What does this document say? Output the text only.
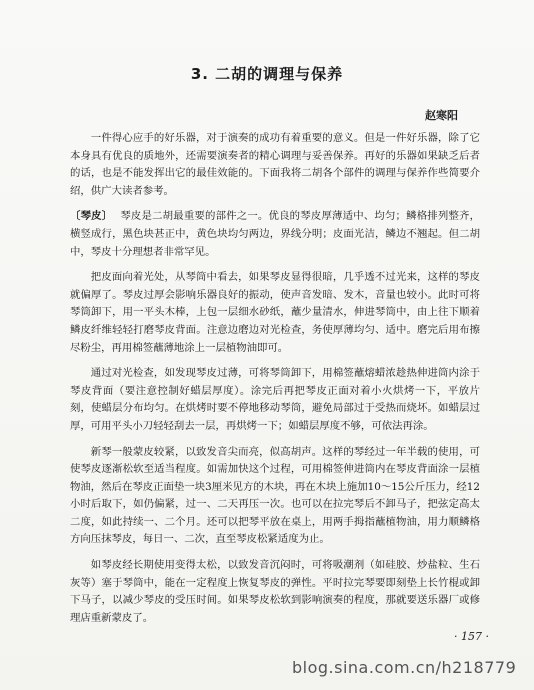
3. 二胡的调理与保养
赵寒阳

一件得心应手的好乐器，对于演奏的成功有着重要的意义。但是一件好乐器，除了它本身具有优良的质地外，还需要演奏者的精心调理与妥善保养。再好的乐器如果缺乏后者的话，也是不能发挥出它的最佳效能的。下面我将二胡各个部件的调理与保养作些简要介绍，供广大读者参考。

〔琴皮〕 琴皮是二胡最重要的部件之一。优良的琴皮厚薄适中、均匀；鳞格排列整齐，横竖成行，黑色块甚正中，黄色块均匀两边，界线分明；皮面光洁，鳞边不翘起。但二胡中，琴皮十分理想者非常罕见。

把皮面向着光处，从琴筒中看去，如果琴皮显得很暗，几乎透不过光来，这样的琴皮就偏厚了。琴皮过厚会影响乐器良好的振动，使声音发暗、发木，音量也较小。此时可将琴筒卸下，用一平头木棒，上包一层细水砂纸，蘸少量清水，伸进琴筒中，由上往下顺着鳞皮纤维轻轻打磨琴皮背面。注意边磨边对光检查，务使厚薄均匀、适中。磨完后用布擦尽粉尘，再用棉签蘸薄地涂上一层植物油即可。

通过对光检查，如发现琴皮过薄，可将琴筒卸下，用棉签蘸熔蜡浓趁热伸进筒内涂于琴皮背面（要注意控制好蜡层厚度）。涂完后再把琴皮正面对着小火烘烤一下，平放片刻，使蜡层分布均匀。在烘烤时要不停地移动琴筒，避免局部过于受热而烧坏。如蜡层过厚，可用平头小刀轻轻刮去一层，再烘烤一下；如蜡层厚度不够，可依法再涂。

新琴一般蒙皮较紧，以致发音尖而亮，似高胡声。这样的琴经过一年半载的使用，可使琴皮逐渐松软至适当程度。如需加快这个过程，可用棉签伸进筒内在琴皮背面涂一层植物油，然后在琴皮正面垫一块3厘米见方的木块，再在木块上施加10～15公斤压力，经12小时后取下，如仍偏紧，过一、二天再压一次。也可以在拉完琴后不卸马子，把弦定高太二度，如此持续一、二个月。还可以把琴平放在桌上，用两手拇指蘸植物油，用力顺鳞格方向压抹琴皮，每日一、二次，直至琴皮松紧适度为止。

如琴皮经长期使用变得太松，以致发音沉闷时，可将吸潮剂（如硅胶、炒盐粒、生石灰等）塞于琴筒中，能在一定程度上恢复琴皮的弹性。平时拉完琴要即刻垫上长竹棍或卸下马子，以减少琴皮的受压时间。如果琴皮松软到影响演奏的程度，那就要送乐器厂或修理店重新蒙皮了。

· 157 ·
blog.sina.com.cn/h218779
